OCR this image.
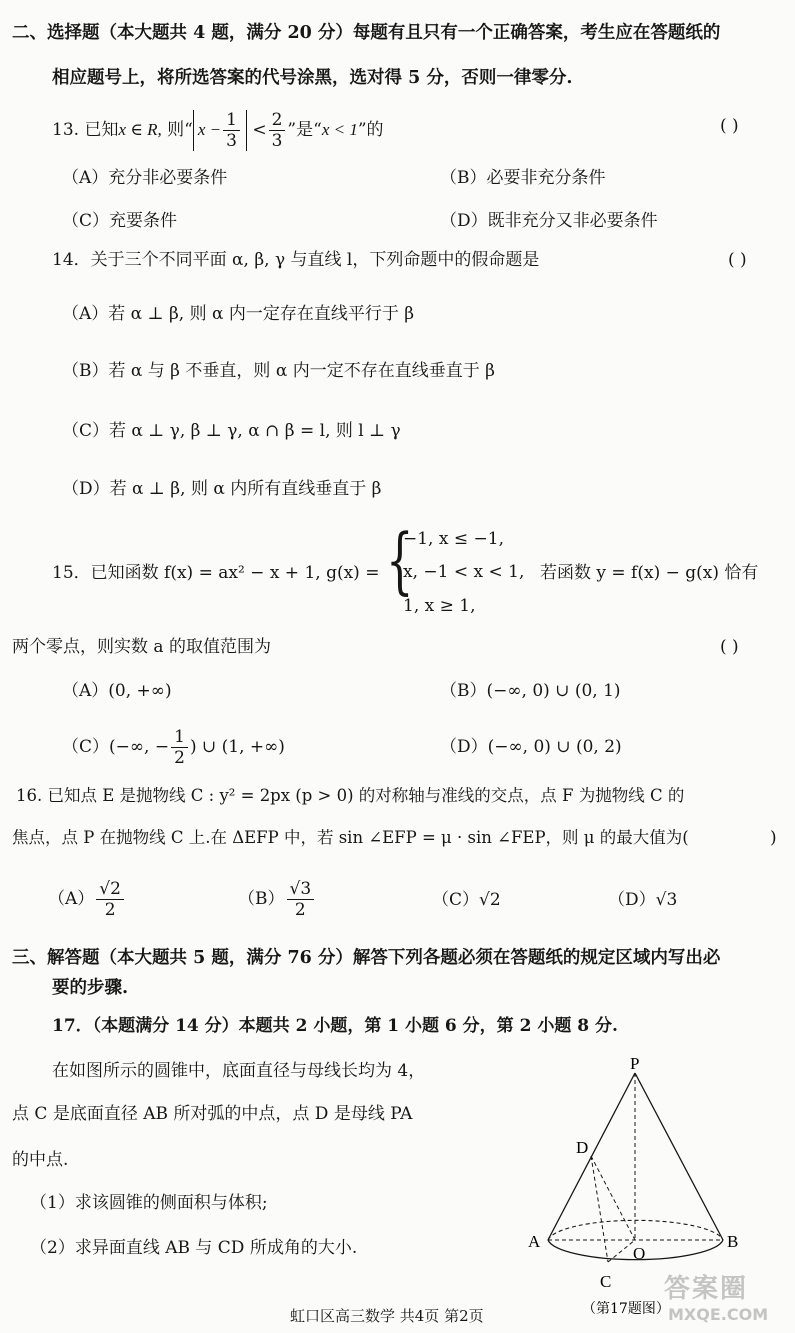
二、选择题（本大题共 4 题，满分 20 分）每题有且只有一个正确答案，考生应在答题纸的
相应题号上，将所选答案的代号涂黑，选对得 5 分，否则一律零分.
13. 已知x ∈ R, 则“ $x - \frac{1}{3} < \frac{2}{3}$ ”是“x < 1”的	( )
（A）充分非必要条件	（B）必要非充分条件
（C）充要条件	（D）既非充分又非必要条件
14．关于三个不同平面 α, β, γ 与直线 l，下列命题中的假命题是	( )
（A）若 α ⊥ β, 则 α 内一定存在直线平行于 β
（B）若 α 与 β 不垂直，则 α 内一定不存在直线垂直于 β
（C）若 α ⊥ γ, β ⊥ γ, α ∩ β = l, 则 l ⊥ γ
（D）若 α ⊥ β, 则 α 内所有直线垂直于 β
15．已知函数 f(x) = ax² − x + 1, g(x) = {
−1, x ≤ −1,
x, −1 < x < 1,
1, x ≥ 1,
若函数 y = f(x) − g(x) 恰有
两个零点，则实数 a 的取值范围为	( )
（A）(0, +∞)	（B）(−∞, 0) ∪ (0, 1)
（C）(−∞, − $\frac{1}{2}$ ) ∪ (1, +∞)	（D）(−∞, 0) ∪ (0, 2)
16. 已知点 E 是抛物线 C : y² = 2px (p > 0) 的对称轴与准线的交点，点 F 为抛物线 C 的
焦点，点 P 在抛物线 C 上.在 ΔEFP 中，若 sin ∠EFP = μ · sin ∠FEP，则 μ 的最大值为(	)
$(A) \frac{√2}{2}$	$(B) \frac{√3}{2}$	（C）√2	（D）√3
三、解答题（本大题共 5 题，满分 76 分）解答下列各题必须在答题纸的规定区域内写出必
要的步骤.
17．（本题满分 14 分）本题共 2 小题，第 1 小题 6 分，第 2 小题 8 分.
在如图所示的圆锥中，底面直径与母线长均为 4，
点 C 是底面直径 AB 所对弧的中点，点 D 是母线 PA
的中点.
（1）求该圆锥的侧面积与体积;
（2）求异面直线 AB 与 CD 所成角的大小.
P
D
A
O
B
C
（第17题图）
答案圈
MXQE.COM
虹口区高三数学 共4页 第2页
